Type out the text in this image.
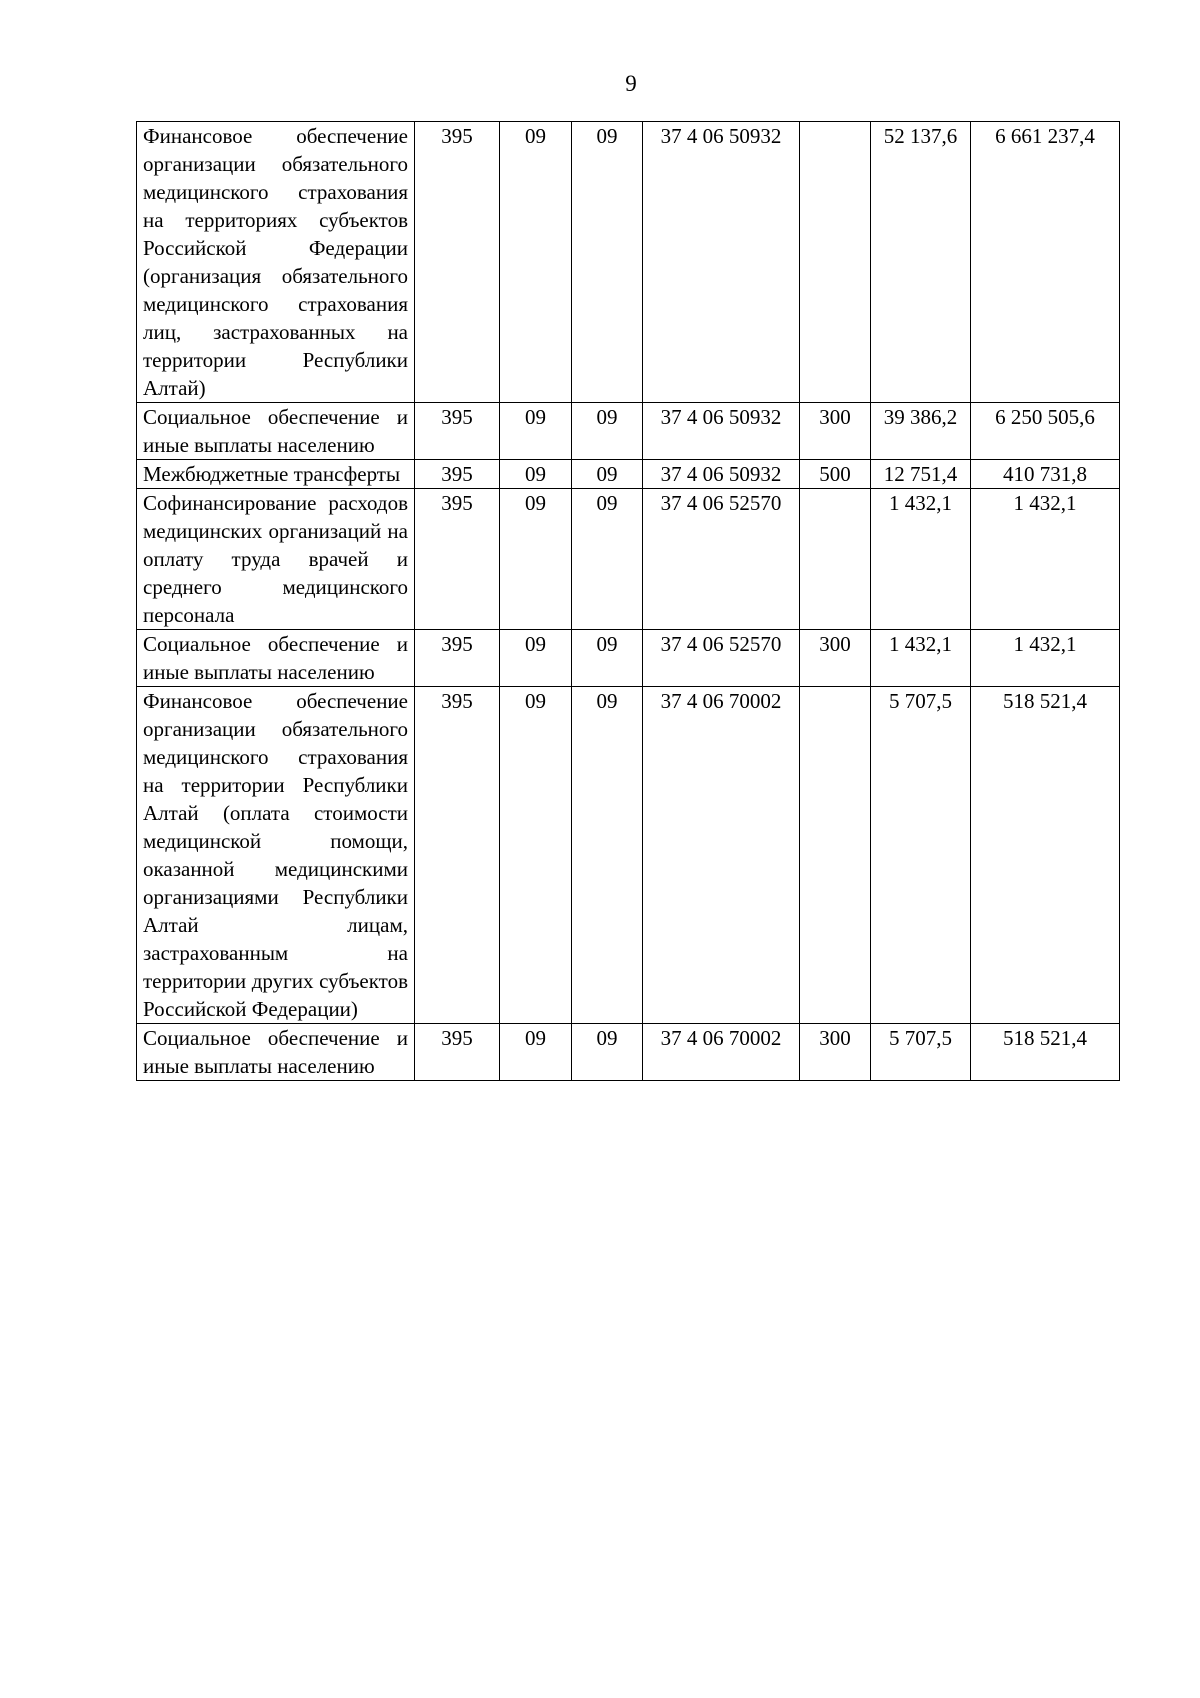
9
Финансовое обеспечение организации обязательного медицинского страхования на территориях субъектов Российской Федерации (организация обязательного медицинского страхования лиц, застрахованных на территории Республики Алтай)	395	09	09	37 4 06 50932		52 137,6	6 661 237,4
Социальное обеспечение и иные выплаты населению	395	09	09	37 4 06 50932	300	39 386,2	6 250 505,6
Межбюджетные трансферты	395	09	09	37 4 06 50932	500	12 751,4	410 731,8
Софинансирование расходов медицинских организаций на оплату труда врачей и среднего медицинского персонала	395	09	09	37 4 06 52570		1 432,1	1 432,1
Социальное обеспечение и иные выплаты населению	395	09	09	37 4 06 52570	300	1 432,1	1 432,1
Финансовое обеспечение организации обязательного медицинского страхования на территории Республики Алтай (оплата стоимости медицинской помощи, оказанной медицинскими организациями Республики Алтай лицам, застрахованным на территории других субъектов Российской Федерации)	395	09	09	37 4 06 70002		5 707,5	518 521,4
Социальное обеспечение и иные выплаты населению	395	09	09	37 4 06 70002	300	5 707,5	518 521,4
